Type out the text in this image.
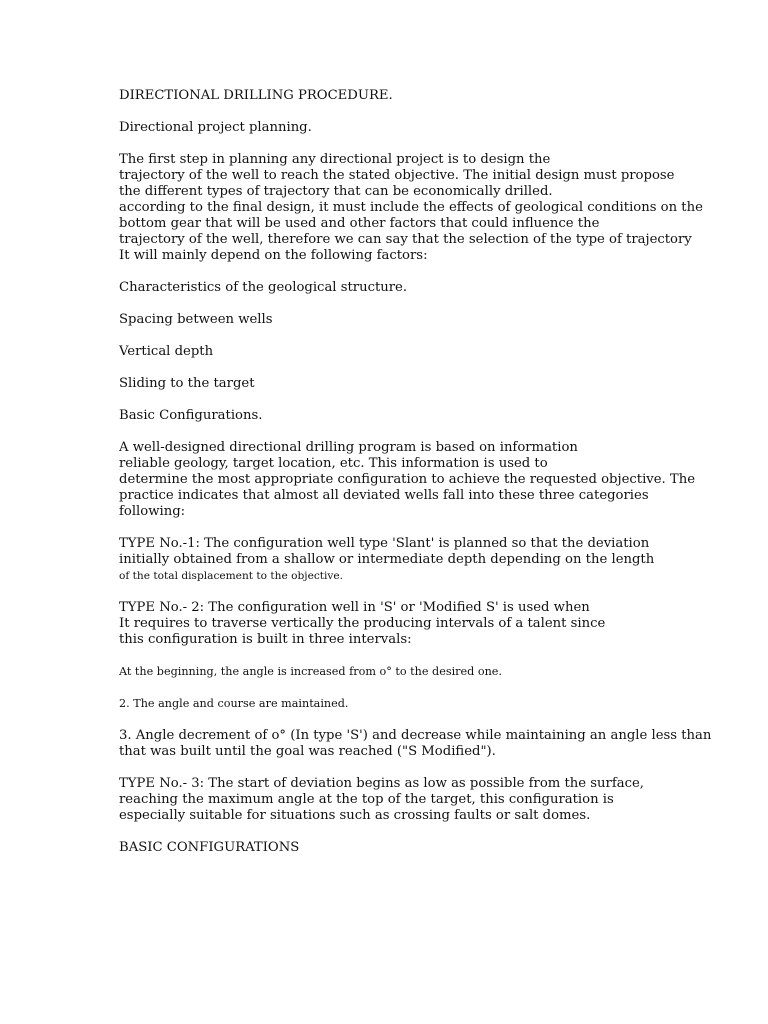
DIRECTIONAL DRILLING PROCEDURE.

Directional project planning.

The first step in planning any directional project is to design the
trajectory of the well to reach the stated objective. The initial design must propose
the different types of trajectory that can be economically drilled.
according to the final design, it must include the effects of geological conditions on the
bottom gear that will be used and other factors that could influence the
trajectory of the well, therefore we can say that the selection of the type of trajectory
It will mainly depend on the following factors:

Characteristics of the geological structure.

Spacing between wells

Vertical depth

Sliding to the target

Basic Configurations.

A well-designed directional drilling program is based on information
reliable geology, target location, etc. This information is used to
determine the most appropriate configuration to achieve the requested objective. The
practice indicates that almost all deviated wells fall into these three categories
following:

TYPE No.-1: The configuration well type 'Slant' is planned so that the deviation
initially obtained from a shallow or intermediate depth depending on the length
of the total displacement to the objective.

TYPE No.- 2: The configuration well in 'S' or 'Modified S' is used when
It requires to traverse vertically the producing intervals of a talent since
this configuration is built in three intervals:

At the beginning, the angle is increased from o° to the desired one.

2. The angle and course are maintained.

3. Angle decrement of o° (In type 'S') and decrease while maintaining an angle less than
that was built until the goal was reached ("S Modified").

TYPE No.- 3: The start of deviation begins as low as possible from the surface,
reaching the maximum angle at the top of the target, this configuration is
especially suitable for situations such as crossing faults or salt domes.

BASIC CONFIGURATIONS
